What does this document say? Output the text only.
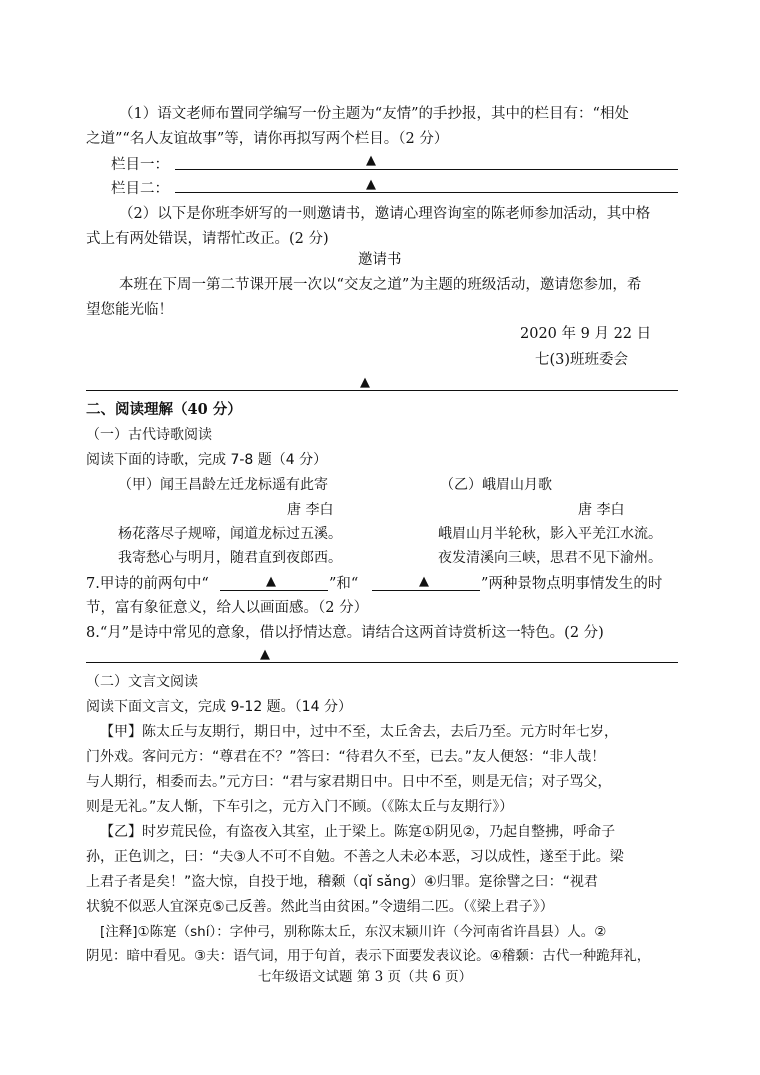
（1）语文老师布置同学编写一份主题为“友情”的手抄报，其中的栏目有：“相处
之道”“名人友谊故事”等，请你再拟写两个栏目。（2 分）
栏目一：	▲
栏目二：	▲
（2）以下是你班李妍写的一则邀请书，邀请心理咨询室的陈老师参加活动，其中格
式上有两处错误，请帮忙改正。(2 分)
邀请书
本班在下周一第二节课开展一次以“交友之道”为主题的班级活动，邀请您参加，希
望您能光临！
2020 年 9 月 22 日
七(3)班班委会
▲
二、阅读理解（40 分）
（一）古代诗歌阅读
阅读下面的诗歌，完成 7-8 题（4 分）
（甲）闻王昌龄左迁龙标遥有此寄
唐 李白
杨花落尽子规啼，闻道龙标过五溪。
我寄愁心与明月，随君直到夜郎西。
（乙）峨眉山月歌
唐 李白
峨眉山月半轮秋，影入平羌江水流。
夜发清溪向三峡，思君不见下渝州。
7.甲诗的前两句中“	▲	”和“	▲	”两种景物点明事情发生的时
节，富有象征意义，给人以画面感。（2 分）
8.“月”是诗中常见的意象，借以抒情达意。请结合这两首诗赏析这一特色。(2 分)
▲
（二）文言文阅读
阅读下面文言文，完成 9-12 题。（14 分）
【甲】陈太丘与友期行，期日中，过中不至，太丘舍去，去后乃至。元方时年七岁，
门外戏。客问元方：“尊君在不？”答曰：“待君久不至，已去。”友人便怒：“非人哉！
与人期行，相委而去。”元方曰：“君与家君期日中。日中不至，则是无信；对子骂父，
则是无礼。”友人惭，下车引之，元方入门不顾。（《陈太丘与友期行》）
【乙】时岁荒民俭，有盗夜入其室，止于梁上。陈寔①阴见②，乃起自整拂，呼命子
孙，正色训之，曰：“夫③人不可不自勉。不善之人未必本恶，习以成性，遂至于此。梁
上君子者是矣！”盗大惊，自投于地，稽颡（qǐ sǎng）④归罪。寔徐譬之曰：“视君
状貌不似恶人宜深克⑤己反善。然此当由贫困。”令遗绢二匹。（《梁上君子》）
[注释]①陈寔（shí）：字仲弓，别称陈太丘，东汉末颍川许（今河南省许昌县）人。②
阴见：暗中看见。③夫：语气词，用于句首，表示下面要发表议论。④稽颡：古代一种跪拜礼，
七年级语文试题 第 3 页（共 6 页）
